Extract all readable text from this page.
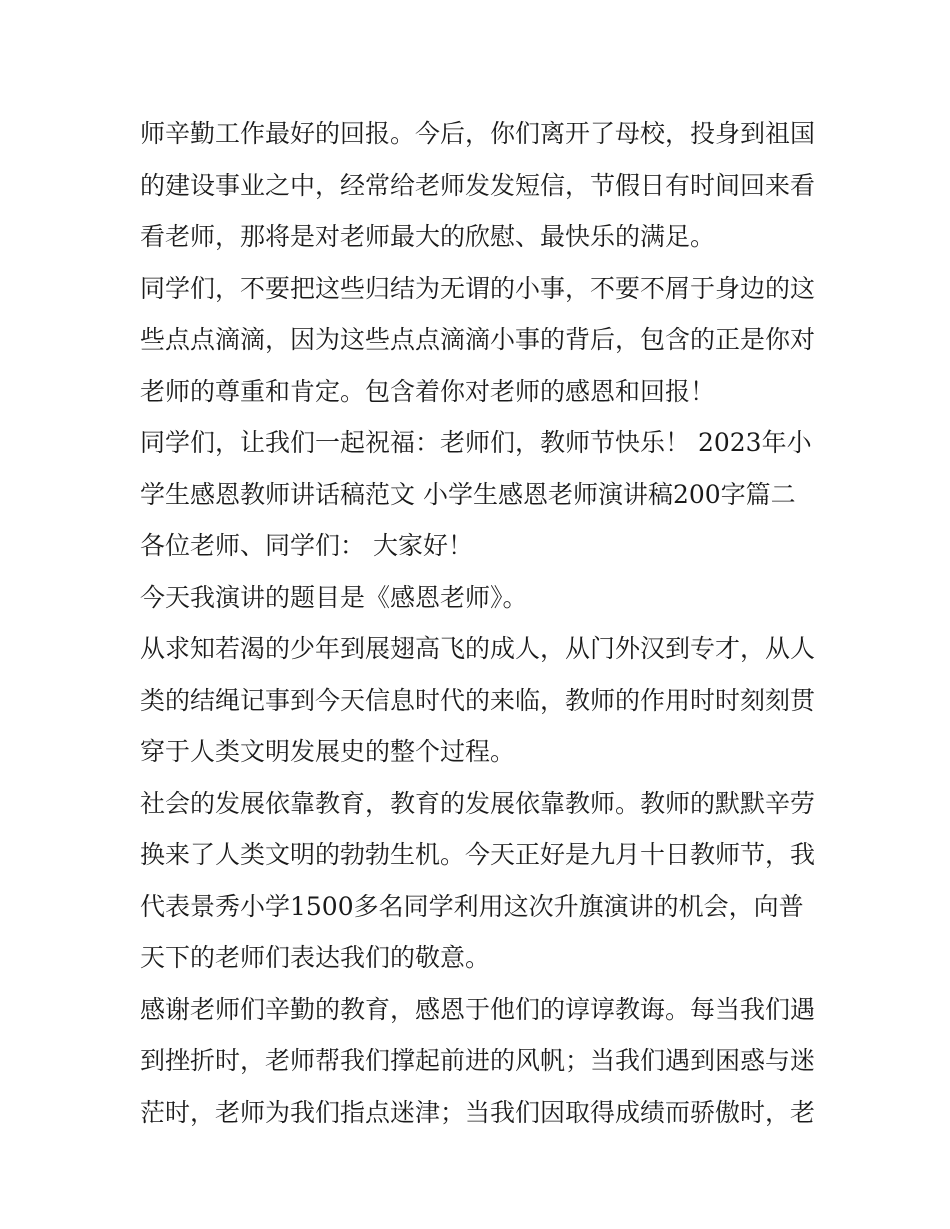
师辛勤工作最好的回报。今后，你们离开了母校，投身到祖国
的建设事业之中，经常给老师发发短信，节假日有时间回来看
看老师，那将是对老师最大的欣慰、最快乐的满足。
同学们，不要把这些归结为无谓的小事，不要不屑于身边的这
些点点滴滴，因为这些点点滴滴小事的背后，包含的正是你对
老师的尊重和肯定。包含着你对老师的感恩和回报！
同学们，让我们一起祝福：老师们，教师节快乐！ 2023年小
学生感恩教师讲话稿范文 小学生感恩老师演讲稿200字篇二
各位老师、同学们： 大家好！
今天我演讲的题目是《感恩老师》。
从求知若渴的少年到展翅高飞的成人，从门外汉到专才，从人
类的结绳记事到今天信息时代的来临，教师的作用时时刻刻贯
穿于人类文明发展史的整个过程。
社会的发展依靠教育，教育的发展依靠教师。教师的默默辛劳
换来了人类文明的勃勃生机。今天正好是九月十日教师节，我
代表景秀小学1500多名同学利用这次升旗演讲的机会，向普
天下的老师们表达我们的敬意。
感谢老师们辛勤的教育，感恩于他们的谆谆教诲。每当我们遇
到挫折时，老师帮我们撑起前进的风帆；当我们遇到困惑与迷
茫时，老师为我们指点迷津；当我们因取得成绩而骄傲时，老
